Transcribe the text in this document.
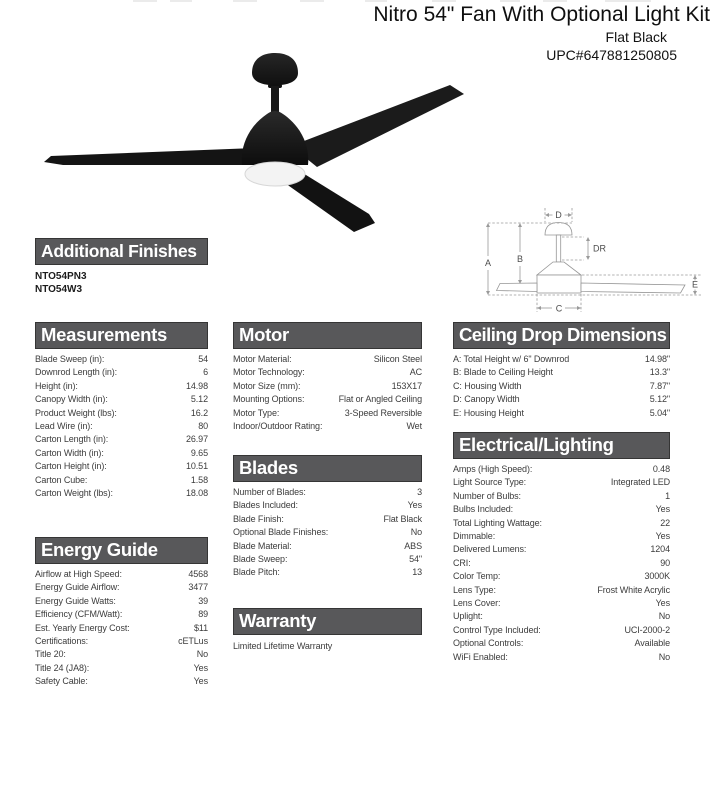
Nitro 54" Fan With Optional Light Kit
Flat Black
UPC#647881250805
D
A	B
DR
E
C
Additional Finishes
NTO54PN3
NTO54W3
Measurements
Blade Sweep (in):	54
Downrod Length (in):	6
Height (in):	14.98
Canopy Width (in):	5.12
Product Weight (lbs):	16.2
Lead Wire (in):	80
Carton Length (in):	26.97
Carton Width (in):	9.65
Carton Height (in):	10.51
Carton Cube:	1.58
Carton Weight (lbs):	18.08
Energy Guide
Airflow at High Speed:	4568
Energy Guide Airflow:	3477
Energy Guide Watts:	39
Efficiency (CFM/Watt):	89
Est. Yearly Energy Cost:	$11
Certifications:	cETLus
Title 20:	No
Title 24 (JA8):	Yes
Safety Cable:	Yes
Motor
Motor Material:	Silicon Steel
Motor Technology:	AC
Motor Size (mm):	153X17
Mounting Options:	Flat or Angled Ceiling
Motor Type:	3-Speed Reversible
Indoor/Outdoor Rating:	Wet
Blades
Number of Blades:	3
Blades Included:	Yes
Blade Finish:	Flat Black
Optional Blade Finishes:	No
Blade Material:	ABS
Blade Sweep:	54"
Blade Pitch:	13
Warranty
Limited Lifetime Warranty
Ceiling Drop Dimensions
A: Total Height w/ 6" Downrod	14.98"
B: Blade to Ceiling Height	13.3"
C: Housing Width	7.87"
D: Canopy Width	5.12"
E: Housing Height	5.04"
Electrical/Lighting
Amps (High Speed):	0.48
Light Source Type:	Integrated LED
Number of Bulbs:	1
Bulbs Included:	Yes
Total Lighting Wattage:	22
Dimmable:	Yes
Delivered Lumens:	1204
CRI:	90
Color Temp:	3000K
Lens Type:	Frost White Acrylic
Lens Cover:	Yes
Uplight:	No
Control Type Included:	UCI-2000-2
Optional Controls:	Available
WiFi Enabled:	No
